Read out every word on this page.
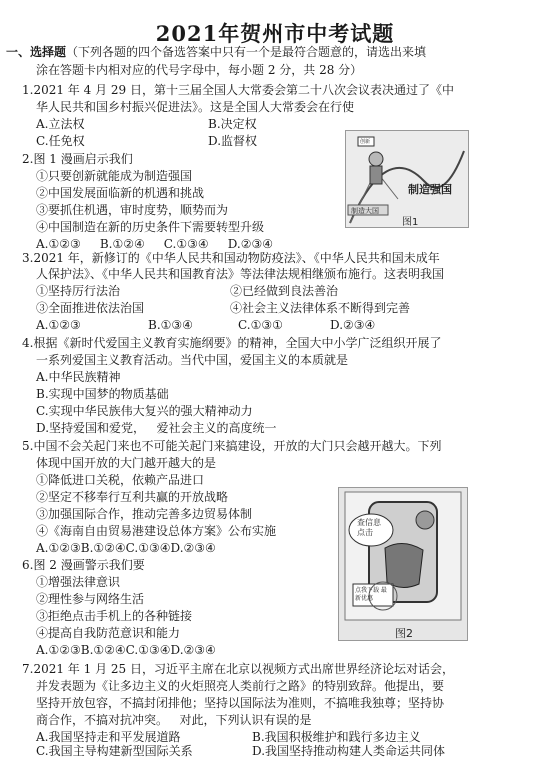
2021年贺州市中考试题
一、选择题（下列各题的四个备选答案中只有一个是最符合题意的，请选出来填
涂在答题卡内相对应的代号字母中，每小题 2 分，共 28 分）
1.2021 年 4 月 29 日，第十三届全国人大常委会第二十八次会议表决通过了《中
华人民共和国乡村振兴促进法》。这是全国人大常委会在行使
A.立法权	B.决定权
C.任免权	D.监督权
2.图 1 漫画启示我们
①只要创新就能成为制造强国
②中国发展面临新的机遇和挑战
③要抓住机遇，审时度势，顺势而为
④中国制造在新的历史条件下需要转型升级
A.①②③     B.①②④     C.①③④     D.②③④
创新
制造强国
制造大国
图1
3.2021 年，新修订的《中华人民共和国动物防疫法》、《中华人民共和国未成年
人保护法》、《中华人民共和国教育法》等法律法规相继颁布施行。这表明我国
①坚持厉行法治	②已经做到良法善治
③全面推进依法治国	④社会主义法律体系不断得到完善
A.①②③	B.①③④	C.①③①	D.②③④
4.根据《新时代爱国主义教育实施纲要》的精神，全国大中小学广泛组织开展了
一系列爱国主义教育活动。当代中国，爱国主义的本质就是
A.中华民族精神
B.实现中国梦的物质基础
C.实现中华民族伟大复兴的强大精神动力
D.坚持爱国和爱党，   爱社会主义的高度统一
5.中国不会关起门来也不可能关起门来搞建设，开放的大门只会越开越大。下列
体现中国开放的大门越开越大的是
①降低进口关税，依赖产品进口
②坚定不移奉行互利共赢的开放战略
③加强国际合作，推动完善多边贸易体制
④《海南自由贸易港建设总体方案》公布实施
A.①②③B.①②④C.①③④D.②③④
6.图 2 漫画警示我们要
①增强法律意识
②理性参与网络生活
③拒绝点击手机上的各种链接
④提高自我防范意识和能力
A.①②③B.①②④C.①③④D.②③④
查信息 点击
点我下载 最新优惠
图2
7.2021 年 1 月 25 日，习近平主席在北京以视频方式出席世界经济论坛对话会，
并发表题为《让多边主义的火炬照亮人类前行之路》的特别致辞。他提出，要
坚持开放包容，不搞封闭排他；坚持以国际法为准则，不搞唯我独尊；坚持协
商合作，不搞对抗冲突。   对此，下列认识有误的是
A.我国坚持走和平发展道路	B.我国积极维护和践行多边主义
C.我国主导构建新型国际关系	D.我国坚持推动构建人类命运共同体
